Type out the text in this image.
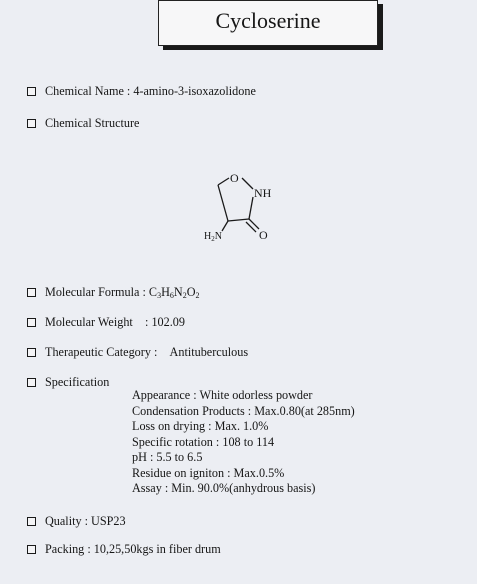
Cycloserine
Chemical Name : 4-amino-3-isoxazolidone
Chemical Structure
O
NH
O
$H_2N$
Molecular Formula : $C_3H_6N_2O_2$
Molecular Weight : 102.09
Therapeutic Category : Antituberculous
Specification
Appearance : White odorless powder
Condensation Products : Max.0.80(at 285nm)
Loss on drying : Max. 1.0%
Specific rotation : 108 to 114
pH : 5.5 to 6.5
Residue on igniton : Max.0.5%
Assay : Min. 90.0%(anhydrous basis)
Quality : USP23
Packing : 10,25,50kgs in fiber drum
